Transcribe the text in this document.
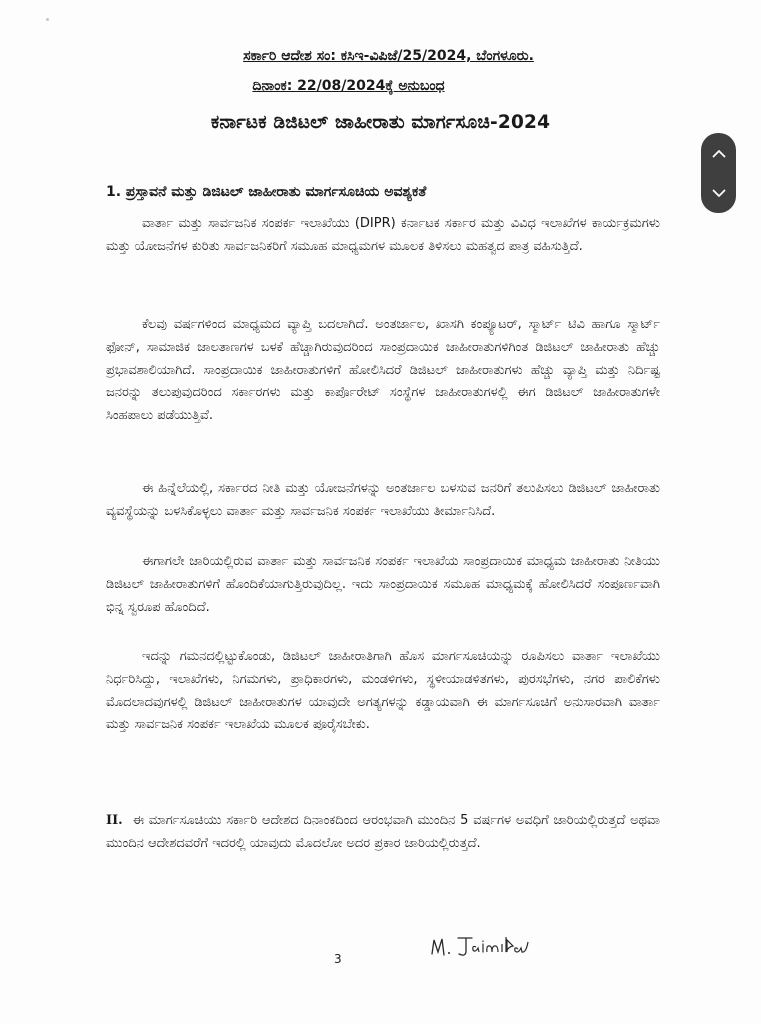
ಸರ್ಕಾರಿ ಆದೇಶ ಸಂ: ಕಸಿಇ-ವಿಪಿಜೆ/25/2024, ಬೆಂಗಳೂರು.
ದಿನಾಂಕ: 22/08/2024ಕ್ಕೆ ಅನುಬಂಧ
ಕರ್ನಾಟಕ ಡಿಜಿಟಲ್ ಜಾಹೀರಾತು ಮಾರ್ಗಸೂಚಿ-2024
1. ಪ್ರಸ್ತಾವನೆ ಮತ್ತು ಡಿಜಿಟಲ್ ಜಾಹೀರಾತು ಮಾರ್ಗಸೂಚಿಯ ಅವಶ್ಯಕತೆ

ವಾರ್ತಾ ಮತ್ತು ಸಾರ್ವಜನಿಕ ಸಂಪರ್ಕ ಇಲಾಖೆಯು (DIPR) ಕರ್ನಾಟಕ ಸರ್ಕಾರ ಮತ್ತು ವಿವಿಧ ಇಲಾಖೆಗಳ ಕಾರ್ಯಕ್ರಮಗಳು ಮತ್ತು ಯೋಜನೆಗಳ ಕುರಿತು ಸಾರ್ವಜನಿಕರಿಗೆ ಸಮೂಹ ಮಾಧ್ಯಮಗಳ ಮೂಲಕ ತಿಳಿಸಲು ಮಹತ್ವದ ಪಾತ್ರ ವಹಿಸುತ್ತಿದೆ.

ಕೆಲವು ವರ್ಷಗಳಿಂದ ಮಾಧ್ಯಮದ ವ್ಯಾಪ್ತಿ ಬದಲಾಗಿದೆ. ಅಂತರ್ಜಾಲ, ಖಾಸಗಿ ಕಂಪ್ಯೂಟರ್, ಸ್ಮಾರ್ಟ್ ಟಿವಿ ಹಾಗೂ ಸ್ಮಾರ್ಟ್ ಫೋನ್, ಸಾಮಾಜಿಕ ಜಾಲತಾಣಗಳ ಬಳಕೆ ಹೆಚ್ಚಾಗಿರುವುದರಿಂದ ಸಾಂಪ್ರದಾಯಿಕ ಜಾಹೀರಾತುಗಳಿಗಿಂತ ಡಿಜಿಟಲ್ ಜಾಹೀರಾತು ಹೆಚ್ಚು ಪ್ರಭಾವಶಾಲಿಯಾಗಿದೆ. ಸಾಂಪ್ರದಾಯಿಕ ಜಾಹೀರಾತುಗಳಿಗೆ ಹೋಲಿಸಿದರೆ ಡಿಜಿಟಲ್ ಜಾಹೀರಾತುಗಳು ಹೆಚ್ಚು ವ್ಯಾಪ್ತಿ ಮತ್ತು ನಿರ್ದಿಷ್ಟ ಜನರನ್ನು ತಲುಪುವುದರಿಂದ ಸರ್ಕಾರಗಳು ಮತ್ತು ಕಾರ್ಪೊರೇಟ್ ಸಂಸ್ಥೆಗಳ ಜಾಹೀರಾತುಗಳಲ್ಲಿ ಈಗ ಡಿಜಿಟಲ್ ಜಾಹೀರಾತುಗಳೇ ಸಿಂಹಪಾಲು ಪಡೆಯುತ್ತಿವೆ.

ಈ ಹಿನ್ನೆಲೆಯಲ್ಲಿ, ಸರ್ಕಾರದ ನೀತಿ ಮತ್ತು ಯೋಜನೆಗಳನ್ನು ಅಂತರ್ಜಾಲ ಬಳಸುವ ಜನರಿಗೆ ತಲುಪಿಸಲು ಡಿಜಿಟಲ್ ಜಾಹೀರಾತು ವ್ಯವಸ್ಥೆಯನ್ನು ಬಳಸಿಕೊಳ್ಳಲು ವಾರ್ತಾ ಮತ್ತು ಸಾರ್ವಜನಿಕ ಸಂಪರ್ಕ ಇಲಾಖೆಯು ತೀರ್ಮಾನಿಸಿದೆ.

ಈಗಾಗಲೇ ಜಾರಿಯಲ್ಲಿರುವ ವಾರ್ತಾ ಮತ್ತು ಸಾರ್ವಜನಿಕ ಸಂಪರ್ಕ ಇಲಾಖೆಯ ಸಾಂಪ್ರದಾಯಿಕ ಮಾಧ್ಯಮ ಜಾಹೀರಾತು ನೀತಿಯು ಡಿಜಿಟಲ್ ಜಾಹೀರಾತುಗಳಿಗೆ ಹೊಂದಿಕೆಯಾಗುತ್ತಿರುವುದಿಲ್ಲ. ಇದು ಸಾಂಪ್ರದಾಯಿಕ ಸಮೂಹ ಮಾಧ್ಯಮಕ್ಕೆ ಹೋಲಿಸಿದರೆ ಸಂಪೂರ್ಣವಾಗಿ ಭಿನ್ನ ಸ್ವರೂಪ ಹೊಂದಿದೆ.

ಇದನ್ನು ಗಮನದಲ್ಲಿಟ್ಟುಕೊಂಡು, ಡಿಜಿಟಲ್ ಜಾಹೀರಾತಿಗಾಗಿ ಹೊಸ ಮಾರ್ಗಸೂಚಿಯನ್ನು ರೂಪಿಸಲು ವಾರ್ತಾ ಇಲಾಖೆಯು ನಿರ್ಧರಿಸಿದ್ದು, ಇಲಾಖೆಗಳು, ನಿಗಮಗಳು, ಪ್ರಾಧಿಕಾರಗಳು, ಮಂಡಳಿಗಳು, ಸ್ಥಳೀಯಾಡಳಿತಗಳು, ಪುರಸಭೆಗಳು, ನಗರ ಪಾಲಿಕೆಗಳು ಮೊದಲಾದವುಗಳಲ್ಲಿ ಡಿಜಿಟಲ್ ಜಾಹೀರಾತುಗಳ ಯಾವುದೇ ಅಗತ್ಯಗಳನ್ನು ಕಡ್ಡಾಯವಾಗಿ ಈ ಮಾರ್ಗಸೂಚಿಗೆ ಅನುಸಾರವಾಗಿ ವಾರ್ತಾ ಮತ್ತು ಸಾರ್ವಜನಿಕ ಸಂಪರ್ಕ ಇಲಾಖೆಯ ಮೂಲಕ ಪೂರೈಸಬೇಕು.

II. ಈ ಮಾರ್ಗಸೂಚಿಯು ಸರ್ಕಾರಿ ಆದೇಶದ ದಿನಾಂಕದಿಂದ ಆರಂಭವಾಗಿ ಮುಂದಿನ 5 ವರ್ಷಗಳ ಅವಧಿಗೆ ಜಾರಿಯಲ್ಲಿರುತ್ತದೆ ಅಥವಾ ಮುಂದಿನ ಆದೇಶದವರೆಗೆ ಇದರಲ್ಲಿ ಯಾವುದು ಮೊದಲೋ ಅದರ ಪ್ರಕಾರ ಜಾರಿಯಲ್ಲಿರುತ್ತದೆ.

3
